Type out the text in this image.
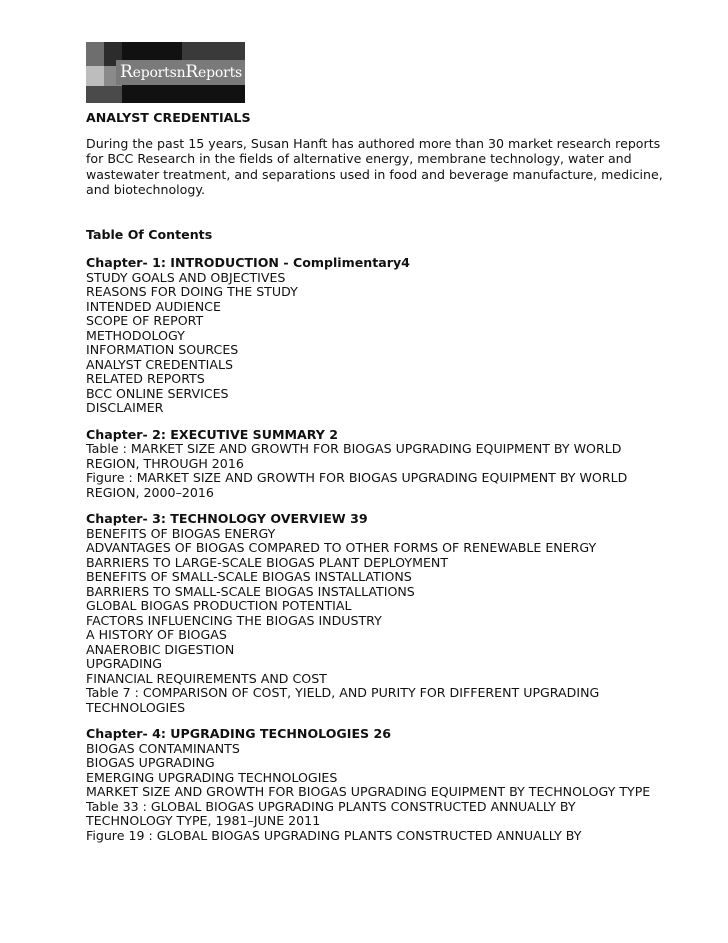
ReportsnReports
ANALYST CREDENTIALS
During the past 15 years, Susan Hanft has authored more than 30 market research reports
for BCC Research in the fields of alternative energy, membrane technology, water and
wastewater treatment, and separations used in food and beverage manufacture, medicine,
and biotechnology.
Table Of Contents
Chapter- 1: INTRODUCTION - Complimentary4
STUDY GOALS AND OBJECTIVES
REASONS FOR DOING THE STUDY
INTENDED AUDIENCE
SCOPE OF REPORT
METHODOLOGY
INFORMATION SOURCES
ANALYST CREDENTIALS
RELATED REPORTS
BCC ONLINE SERVICES
DISCLAIMER
Chapter- 2: EXECUTIVE SUMMARY 2
Table : MARKET SIZE AND GROWTH FOR BIOGAS UPGRADING EQUIPMENT BY WORLD
REGION, THROUGH 2016
Figure : MARKET SIZE AND GROWTH FOR BIOGAS UPGRADING EQUIPMENT BY WORLD
REGION, 2000–2016
Chapter- 3: TECHNOLOGY OVERVIEW 39
BENEFITS OF BIOGAS ENERGY
ADVANTAGES OF BIOGAS COMPARED TO OTHER FORMS OF RENEWABLE ENERGY
BARRIERS TO LARGE-SCALE BIOGAS PLANT DEPLOYMENT
BENEFITS OF SMALL-SCALE BIOGAS INSTALLATIONS
BARRIERS TO SMALL-SCALE BIOGAS INSTALLATIONS
GLOBAL BIOGAS PRODUCTION POTENTIAL
FACTORS INFLUENCING THE BIOGAS INDUSTRY
A HISTORY OF BIOGAS
ANAEROBIC DIGESTION
UPGRADING
FINANCIAL REQUIREMENTS AND COST
Table 7 : COMPARISON OF COST, YIELD, AND PURITY FOR DIFFERENT UPGRADING
TECHNOLOGIES
Chapter- 4: UPGRADING TECHNOLOGIES 26
BIOGAS CONTAMINANTS
BIOGAS UPGRADING
EMERGING UPGRADING TECHNOLOGIES
MARKET SIZE AND GROWTH FOR BIOGAS UPGRADING EQUIPMENT BY TECHNOLOGY TYPE
Table 33 : GLOBAL BIOGAS UPGRADING PLANTS CONSTRUCTED ANNUALLY BY
TECHNOLOGY TYPE, 1981–JUNE 2011
Figure 19 : GLOBAL BIOGAS UPGRADING PLANTS CONSTRUCTED ANNUALLY BY
